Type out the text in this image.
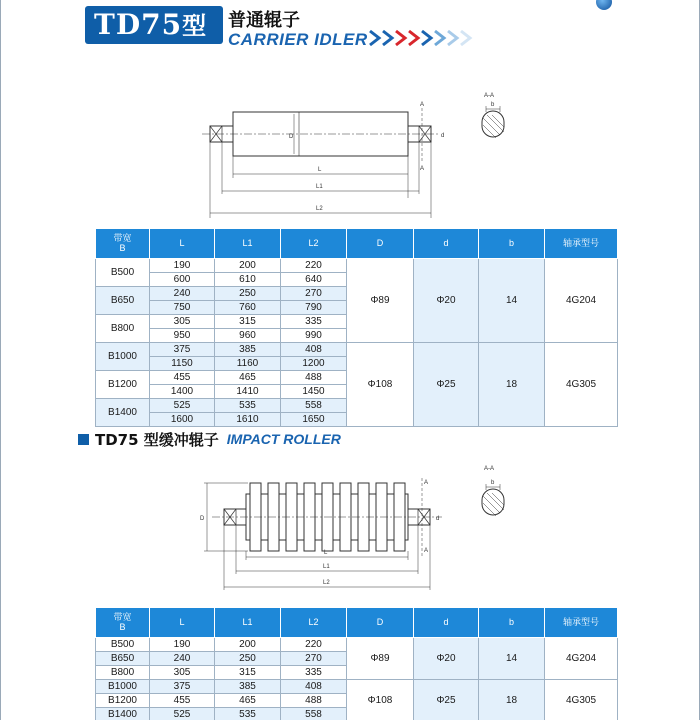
TD75型 普通辊子
CARRIER IDLER
D
L
L1
L2
A
A
d
A-A
b
带宽
B	L	L1	L2	D	d	b	轴承型号
B500	190	200	220	Φ89	Φ20	14	4G204
	600	610	640				
B650	240	250	270				
	750	760	790				
B800	305	315	335				
	950	960	990				
B1000	375	385	408	Φ108	Φ25	18	4G305
	1150	1160	1200				
B1200	455	465	488				
	1400	1410	1450				
B1400	525	535	558				
	1600	1610	1650				
TD75 型缓冲辊子 IMPACT ROLLER
D
L
L1
L2
A
A
d
A-A
b
带宽
B	L	L1	L2	D	d	b	轴承型号
B500	190	200	220	Φ89	Φ20	14	4G204
B650	240	250	270				
B800	305	315	335				
B1000	375	385	408	Φ108	Φ25	18	4G305
B1200	455	465	488				
B1400	525	535	558				
